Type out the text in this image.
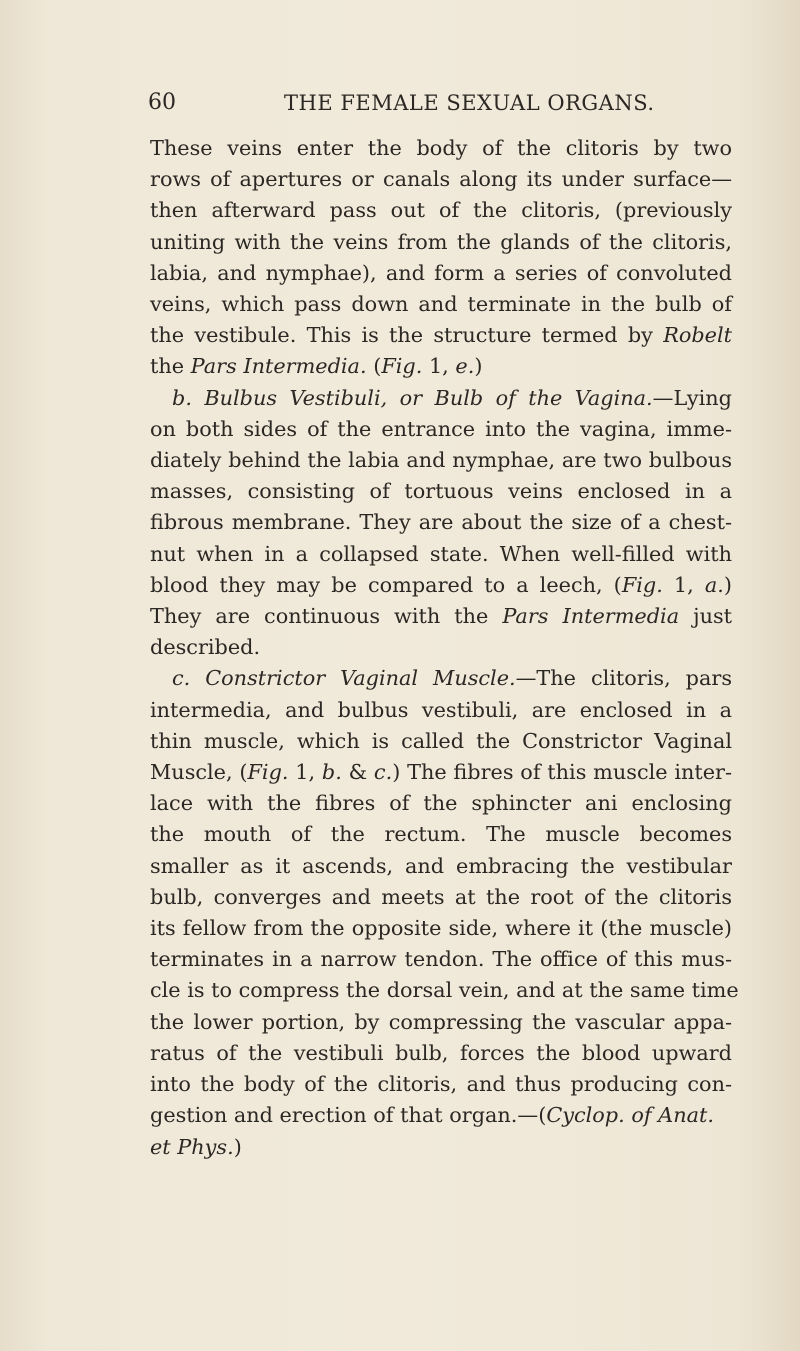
60	THE FEMALE SEXUAL ORGANS.
These veins enter the body of the clitoris by two
rows of apertures or canals along its under surface—
then afterward pass out of the clitoris, (previously
uniting with the veins from the glands of the clitoris,
labia, and nymphae), and form a series of convoluted
veins, which pass down and terminate in the bulb of
the vestibule. This is the structure termed by Robelt
the Pars Intermedia. (Fig. 1, e.)
b. Bulbus Vestibuli, or Bulb of the Vagina.—Lying
on both sides of the entrance into the vagina, imme-
diately behind the labia and nymphae, are two bulbous
masses, consisting of tortuous veins enclosed in a
fibrous membrane. They are about the size of a chest-
nut when in a collapsed state. When well-filled with
blood they may be compared to a leech, (Fig. 1, a.)
They are continuous with the Pars Intermedia just
described.
c. Constrictor Vaginal Muscle.—The clitoris, pars
intermedia, and bulbus vestibuli, are enclosed in a
thin muscle, which is called the Constrictor Vaginal
Muscle, (Fig. 1, b. & c.) The fibres of this muscle inter-
lace with the fibres of the sphincter ani enclosing
the mouth of the rectum. The muscle becomes
smaller as it ascends, and embracing the vestibular
bulb, converges and meets at the root of the clitoris
its fellow from the opposite side, where it (the muscle)
terminates in a narrow tendon. The office of this mus-
cle is to compress the dorsal vein, and at the same time
the lower portion, by compressing the vascular appa-
ratus of the vestibuli bulb, forces the blood upward
into the body of the clitoris, and thus producing con-
gestion and erection of that organ.—(Cyclop. of Anat.
et Phys.)
